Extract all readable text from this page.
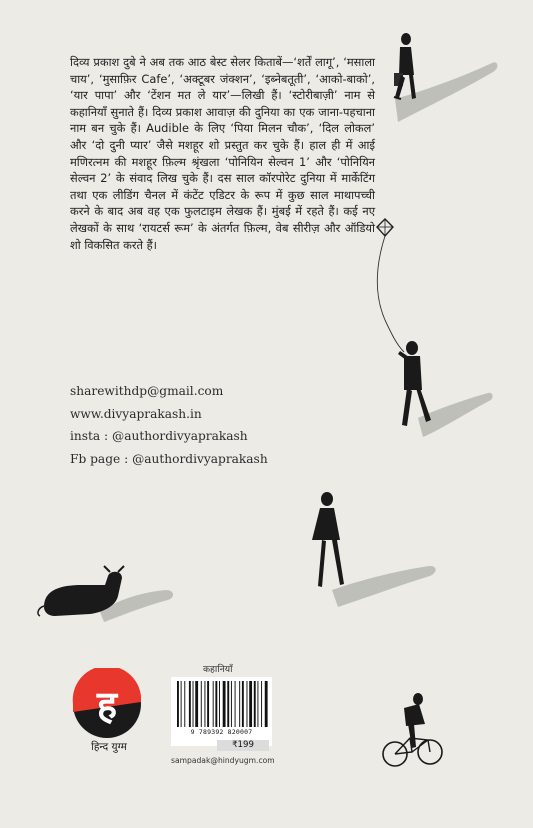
दिव्य प्रकाश दुबे ने अब तक आठ बेस्ट सेलर किताबें—‘शर्तें लागू’, ‘मसाला चाय’, ‘मुसाफ़िर Cafe’, ‘अक्टूबर जंक्शन’, ‘इब्नेबतूती’, ‘आको-बाको’, ‘यार पापा’ और ‘टेंशन मत ले यार’—लिखी हैं। ‘स्टोरीबाज़ी’ नाम से कहानियाँ सुनाते हैं। दिव्य प्रकाश आवाज़ की दुनिया का एक जाना-पहचाना नाम बन चुके हैं। Audible के लिए ‘पिया मिलन चौक’, ‘दिल लोकल’ और ‘दो दुनी प्यार’ जैसे मशहूर शो प्रस्तुत कर चुके हैं। हाल ही में आई मणिरत्नम की मशहूर फ़िल्म श्रृंखला ‘पोनियिन सेल्वन 1’ और ‘पोनियिन सेल्वन 2’ के संवाद लिख चुके हैं। दस साल कॉरपोरेट दुनिया में मार्केटिंग तथा एक लीडिंग चैनल में कंटेंट एडिटर के रूप में कुछ साल माथापच्ची करने के बाद अब वह एक फुलटाइम लेखक हैं। मुंबई में रहते हैं। कई नए लेखकों के साथ ‘रायटर्स रूम’ के अंतर्गत फ़िल्म, वेब सीरीज़ और ऑडियो शो विकसित करते हैं।

sharewithdp@gmail.com
www.divyaprakash.in
insta : @authordivyaprakash
Fb page : @authordivyaprakash
ह
हिन्द युग्म
कहानियाँ
9 789392 820007
₹199
sampadak@hindyugm.com
